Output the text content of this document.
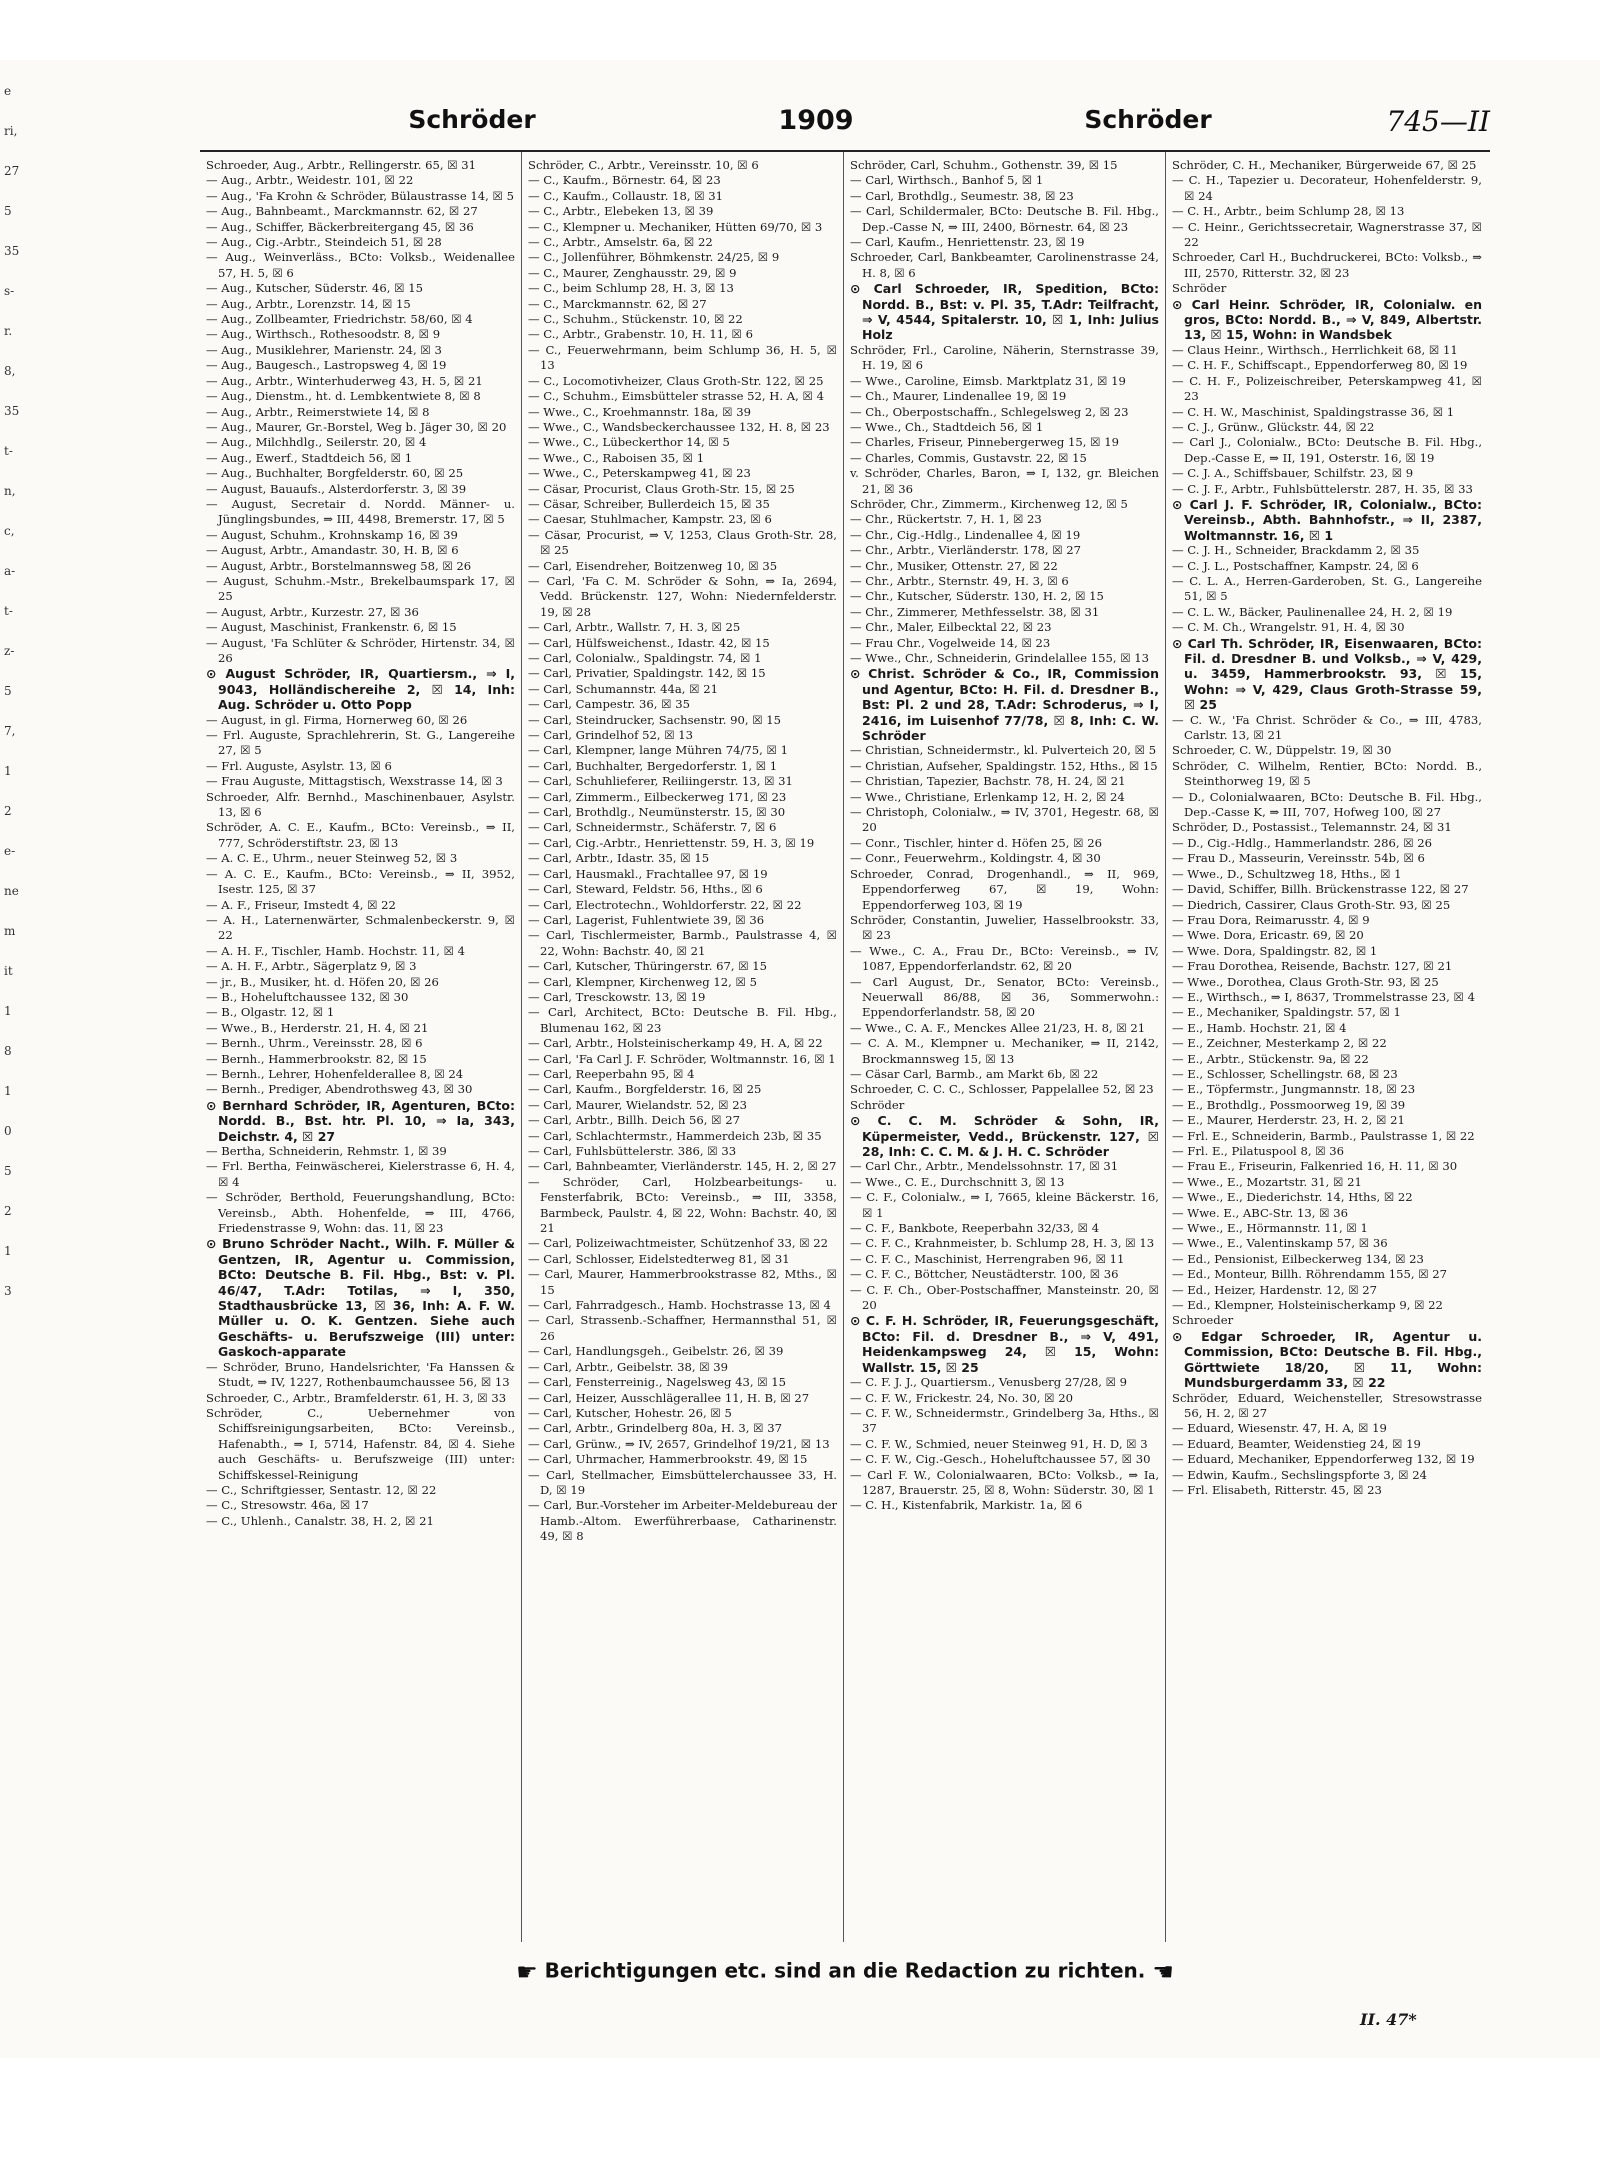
e
ri,
27
5
35
s-
r.
8,
35
t-
n,
c,
a-
t-
z-
5
7,
1
2
e-
ne
m
it
1
8
1
0
5
2
1
3
Schröder	1909	Schröder	745—II

Schroeder, Aug., Arbtr., Rellingerstr. 65, ☒ 31

— Aug., Arbtr., Weidestr. 101, ☒ 22

— Aug., 'Fa Krohn & Schröder, Bülaustrasse 14, ☒ 5

— Aug., Bahnbeamt., Marckmannstr. 62, ☒ 27

— Aug., Schiffer, Bäckerbreitergang 45, ☒ 36

— Aug., Cig.-Arbtr., Steindeich 51, ☒ 28

— Aug., Weinverläss., BCto: Volksb., Weidenallee 57, H. 5, ☒ 6

— Aug., Kutscher, Süderstr. 46, ☒ 15

— Aug., Arbtr., Lorenzstr. 14, ☒ 15

— Aug., Zollbeamter, Friedrichstr. 58/60, ☒ 4

— Aug., Wirthsch., Rothesoodstr. 8, ☒ 9

— Aug., Musiklehrer, Marienstr. 24, ☒ 3

— Aug., Baugesch., Lastropsweg 4, ☒ 19

— Aug., Arbtr., Winterhuderweg 43, H. 5, ☒ 21

— Aug., Dienstm., ht. d. Lembkentwiete 8, ☒ 8

— Aug., Arbtr., Reimerstwiete 14, ☒ 8

— Aug., Maurer, Gr.-Borstel, Weg b. Jäger 30, ☒ 20

— Aug., Milchhdlg., Seilerstr. 20, ☒ 4

— Aug., Ewerf., Stadtdeich 56, ☒ 1

— Aug., Buchhalter, Borgfelderstr. 60, ☒ 25

— August, Bauaufs., Alsterdorferstr. 3, ☒ 39

— August, Secretair d. Nordd. Männer- u. Jünglingsbundes, ⇒ III, 4498, Bremerstr. 17, ☒ 5

— August, Schuhm., Krohnskamp 16, ☒ 39

— August, Arbtr., Amandastr. 30, H. B, ☒ 6

— August, Arbtr., Borstelmannsweg 58, ☒ 26

— August, Schuhm.-Mstr., Brekelbaumspark 17, ☒ 25

— August, Arbtr., Kurzestr. 27, ☒ 36

— August, Maschinist, Frankenstr. 6, ☒ 15

— August, 'Fa Schlüter & Schröder, Hirtenstr. 34, ☒ 26

⊙ August Schröder, IR, Quartiersm., ⇒ I, 9043, Holländischereihe 2, ☒ 14, Inh: Aug. Schröder u. Otto Popp

— August, in gl. Firma, Hornerweg 60, ☒ 26

— Frl. Auguste, Sprachlehrerin, St. G., Langereihe 27, ☒ 5

— Frl. Auguste, Asylstr. 13, ☒ 6

— Frau Auguste, Mittagstisch, Wexstrasse 14, ☒ 3

Schroeder, Alfr. Bernhd., Maschinenbauer, Asylstr. 13, ☒ 6

Schröder, A. C. E., Kaufm., BCto: Vereinsb., ⇒ II, 777, Schröderstiftstr. 23, ☒ 13

— A. C. E., Uhrm., neuer Steinweg 52, ☒ 3

— A. C. E., Kaufm., BCto: Vereinsb., ⇒ II, 3952, Isestr. 125, ☒ 37

— A. F., Friseur, Imstedt 4, ☒ 22

— A. H., Laternenwärter, Schmalenbeckerstr. 9, ☒ 22

— A. H. F., Tischler, Hamb. Hochstr. 11, ☒ 4

— A. H. F., Arbtr., Sägerplatz 9, ☒ 3

— jr., B., Musiker, ht. d. Höfen 20, ☒ 26

— B., Hoheluftchaussee 132, ☒ 30

— B., Olgastr. 12, ☒ 1

— Wwe., B., Herderstr. 21, H. 4, ☒ 21

— Bernh., Uhrm., Vereinsstr. 28, ☒ 6

— Bernh., Hammerbrookstr. 82, ☒ 15

— Bernh., Lehrer, Hohenfelderallee 8, ☒ 24

— Bernh., Prediger, Abendrothsweg 43, ☒ 30

⊙ Bernhard Schröder, IR, Agenturen, BCto: Nordd. B., Bst. htr. Pl. 10, ⇒ Ia, 343, Deichstr. 4, ☒ 27

— Bertha, Schneiderin, Rehmstr. 1, ☒ 39

— Frl. Bertha, Feinwäscherei, Kielerstrasse 6, H. 4, ☒ 4

— Schröder, Berthold, Feuerungshandlung, BCto: Vereinsb., Abth. Hohenfelde, ⇒ III, 4766, Friedenstrasse 9, Wohn: das. 11, ☒ 23

⊙ Bruno Schröder Nacht., Wilh. F. Müller & Gentzen, IR, Agentur u. Commission, BCto: Deutsche B. Fil. Hbg., Bst: v. Pl. 46/47, T.Adr: Totilas, ⇒ I, 350, Stadthausbrücke 13, ☒ 36, Inh: A. F. W. Müller u. O. K. Gentzen. Siehe auch Geschäfts- u. Berufszweige (III) unter: Gaskoch-apparate

— Schröder, Bruno, Handelsrichter, 'Fa Hanssen & Studt, ⇒ IV, 1227, Rothenbaumchaussee 56, ☒ 13

Schroeder, C., Arbtr., Bramfelderstr. 61, H. 3, ☒ 33

Schröder, C., Uebernehmer von Schiffsreinigungsarbeiten, BCto: Vereinsb., Hafenabth., ⇒ I, 5714, Hafenstr. 84, ☒ 4. Siehe auch Geschäfts- u. Berufszweige (III) unter: Schiffskessel-Reinigung

— C., Schriftgiesser, Sentastr. 12, ☒ 22

— C., Stresowstr. 46a, ☒ 17

— C., Uhlenh., Canalstr. 38, H. 2, ☒ 21

Schröder, C., Arbtr., Vereinsstr. 10, ☒ 6

— C., Kaufm., Börnestr. 64, ☒ 23

— C., Kaufm., Collaustr. 18, ☒ 31

— C., Arbtr., Elebeken 13, ☒ 39

— C., Klempner u. Mechaniker, Hütten 69/70, ☒ 3

— C., Arbtr., Amselstr. 6a, ☒ 22

— C., Jollenführer, Böhmkenstr. 24/25, ☒ 9

— C., Maurer, Zenghausstr. 29, ☒ 9

— C., beim Schlump 28, H. 3, ☒ 13

— C., Marckmannstr. 62, ☒ 27

— C., Schuhm., Stückenstr. 10, ☒ 22

— C., Arbtr., Grabenstr. 10, H. 11, ☒ 6

— C., Feuerwehrmann, beim Schlump 36, H. 5, ☒ 13

— C., Locomotivheizer, Claus Groth-Str. 122, ☒ 25

— C., Schuhm., Eimsbütteler strasse 52, H. A, ☒ 4

— Wwe., C., Kroehmannstr. 18a, ☒ 39

— Wwe., C., Wandsbeckerchaussee 132, H. 8, ☒ 23

— Wwe., C., Lübeckerthor 14, ☒ 5

— Wwe., C., Raboisen 35, ☒ 1

— Wwe., C., Peterskampweg 41, ☒ 23

— Cäsar, Procurist, Claus Groth-Str. 15, ☒ 25

— Cäsar, Schreiber, Bullerdeich 15, ☒ 35

— Caesar, Stuhlmacher, Kampstr. 23, ☒ 6

— Cäsar, Procurist, ⇒ V, 1253, Claus Groth-Str. 28, ☒ 25

— Carl, Eisendreher, Boitzenweg 10, ☒ 35

— Carl, 'Fa C. M. Schröder & Sohn, ⇒ Ia, 2694, Vedd. Brückenstr. 127, Wohn: Niedernfelderstr. 19, ☒ 28

— Carl, Arbtr., Wallstr. 7, H. 3, ☒ 25

— Carl, Hülfsweichenst., Idastr. 42, ☒ 15

— Carl, Colonialw., Spaldingstr. 74, ☒ 1

— Carl, Privatier, Spaldingstr. 142, ☒ 15

— Carl, Schumannstr. 44a, ☒ 21

— Carl, Campestr. 36, ☒ 35

— Carl, Steindrucker, Sachsenstr. 90, ☒ 15

— Carl, Grindelhof 52, ☒ 13

— Carl, Klempner, lange Mühren 74/75, ☒ 1

— Carl, Buchhalter, Bergedorferstr. 1, ☒ 1

— Carl, Schuhlieferer, Reiliingerstr. 13, ☒ 31

— Carl, Zimmerm., Eilbeckerweg 171, ☒ 23

— Carl, Brothdlg., Neumünsterstr. 15, ☒ 30

— Carl, Schneidermstr., Schäferstr. 7, ☒ 6

— Carl, Cig.-Arbtr., Henriettenstr. 59, H. 3, ☒ 19

— Carl, Arbtr., Idastr. 35, ☒ 15

— Carl, Hausmakl., Frachtallee 97, ☒ 19

— Carl, Steward, Feldstr. 56, Hths., ☒ 6

— Carl, Electrotechn., Wohldorferstr. 22, ☒ 22

— Carl, Lagerist, Fuhlentwiete 39, ☒ 36

— Carl, Tischlermeister, Barmb., Paulstrasse 4, ☒ 22, Wohn: Bachstr. 40, ☒ 21

— Carl, Kutscher, Thüringerstr. 67, ☒ 15

— Carl, Klempner, Kirchenweg 12, ☒ 5

— Carl, Tresckowstr. 13, ☒ 19

— Carl, Architect, BCto: Deutsche B. Fil. Hbg., Blumenau 162, ☒ 23

— Carl, Arbtr., Holsteinischerkamp 49, H. A, ☒ 22

— Carl, 'Fa Carl J. F. Schröder, Woltmannstr. 16, ☒ 1

— Carl, Reeperbahn 95, ☒ 4

— Carl, Kaufm., Borgfelderstr. 16, ☒ 25

— Carl, Maurer, Wielandstr. 52, ☒ 23

— Carl, Arbtr., Billh. Deich 56, ☒ 27

— Carl, Schlachtermstr., Hammerdeich 23b, ☒ 35

— Carl, Fuhlsbüttelerstr. 386, ☒ 33

— Carl, Bahnbeamter, Vierländerstr. 145, H. 2, ☒ 27

— Schröder, Carl, Holzbearbeitungs- u. Fensterfabrik, BCto: Vereinsb., ⇒ III, 3358, Barmbeck, Paulstr. 4, ☒ 22, Wohn: Bachstr. 40, ☒ 21

— Carl, Polizeiwachtmeister, Schützenhof 33, ☒ 22

— Carl, Schlosser, Eidelstedterweg 81, ☒ 31

— Carl, Maurer, Hammerbrookstrasse 82, Mths., ☒ 15

— Carl, Fahrradgesch., Hamb. Hochstrasse 13, ☒ 4

— Carl, Strassenb.-Schaffner, Hermannsthal 51, ☒ 26

— Carl, Handlungsgeh., Geibelstr. 26, ☒ 39

— Carl, Arbtr., Geibelstr. 38, ☒ 39

— Carl, Fensterreinig., Nagelsweg 43, ☒ 15

— Carl, Heizer, Ausschlägerallee 11, H. B, ☒ 27

— Carl, Kutscher, Hohestr. 26, ☒ 5

— Carl, Arbtr., Grindelberg 80a, H. 3, ☒ 37

— Carl, Grünw., ⇒ IV, 2657, Grindelhof 19/21, ☒ 13

— Carl, Uhrmacher, Hammerbrookstr. 49, ☒ 15

— Carl, Stellmacher, Eimsbüttelerchaussee 33, H. D, ☒ 19

— Carl, Bur.-Vorsteher im Arbeiter-Meldebureau der Hamb.-Altom. Ewerführerbaase, Catharinenstr. 49, ☒ 8

Schröder, Carl, Schuhm., Gothenstr. 39, ☒ 15

— Carl, Wirthsch., Banhof 5, ☒ 1

— Carl, Brothdlg., Seumestr. 38, ☒ 23

— Carl, Schildermaler, BCto: Deutsche B. Fil. Hbg., Dep.-Casse N, ⇒ III, 2400, Börnestr. 64, ☒ 23

— Carl, Kaufm., Henriettenstr. 23, ☒ 19

Schroeder, Carl, Bankbeamter, Carolinenstrasse 24, H. 8, ☒ 6

⊙ Carl Schroeder, IR, Spedition, BCto: Nordd. B., Bst: v. Pl. 35, T.Adr: Teilfracht, ⇒ V, 4544, Spitalerstr. 10, ☒ 1, Inh: Julius Holz

Schröder, Frl., Caroline, Näherin, Sternstrasse 39, H. 19, ☒ 6

— Wwe., Caroline, Eimsb. Marktplatz 31, ☒ 19

— Ch., Maurer, Lindenallee 19, ☒ 19

— Ch., Oberpostschaffn., Schlegelsweg 2, ☒ 23

— Wwe., Ch., Stadtdeich 56, ☒ 1

— Charles, Friseur, Pinnebergerweg 15, ☒ 19

— Charles, Commis, Gustavstr. 22, ☒ 15

v. Schröder, Charles, Baron, ⇒ I, 132, gr. Bleichen 21, ☒ 36

Schröder, Chr., Zimmerm., Kirchenweg 12, ☒ 5

— Chr., Rückertstr. 7, H. 1, ☒ 23

— Chr., Cig.-Hdlg., Lindenallee 4, ☒ 19

— Chr., Arbtr., Vierländerstr. 178, ☒ 27

— Chr., Musiker, Ottenstr. 27, ☒ 22

— Chr., Arbtr., Sternstr. 49, H. 3, ☒ 6

— Chr., Kutscher, Süderstr. 130, H. 2, ☒ 15

— Chr., Zimmerer, Methfesselstr. 38, ☒ 31

— Chr., Maler, Eilbecktal 22, ☒ 23

— Frau Chr., Vogelweide 14, ☒ 23

— Wwe., Chr., Schneiderin, Grindelallee 155, ☒ 13

⊙ Christ. Schröder & Co., IR, Commission und Agentur, BCto: H. Fil. d. Dresdner B., Bst: Pl. 2 und 28, T.Adr: Schroderus, ⇒ I, 2416, im Luisenhof 77/78, ☒ 8, Inh: C. W. Schröder

— Christian, Schneidermstr., kl. Pulverteich 20, ☒ 5

— Christian, Aufseher, Spaldingstr. 152, Hths., ☒ 15

— Christian, Tapezier, Bachstr. 78, H. 24, ☒ 21

— Wwe., Christiane, Erlenkamp 12, H. 2, ☒ 24

— Christoph, Colonialw., ⇒ IV, 3701, Hegestr. 68, ☒ 20

— Conr., Tischler, hinter d. Höfen 25, ☒ 26

— Conr., Feuerwehrm., Koldingstr. 4, ☒ 30

Schroeder, Conrad, Drogenhandl., ⇒ II, 969, Eppendorferweg 67, ☒ 19, Wohn: Eppendorferweg 103, ☒ 19

Schröder, Constantin, Juwelier, Hasselbrookstr. 33, ☒ 23

— Wwe., C. A., Frau Dr., BCto: Vereinsb., ⇒ IV, 1087, Eppendorferlandstr. 62, ☒ 20

— Carl August, Dr., Senator, BCto: Vereinsb., Neuerwall 86/88, ☒ 36, Sommerwohn.: Eppendorferlandstr. 58, ☒ 20

— Wwe., C. A. F., Menckes Allee 21/23, H. 8, ☒ 21

— C. A. M., Klempner u. Mechaniker, ⇒ II, 2142, Brockmannsweg 15, ☒ 13

— Cäsar Carl, Barmb., am Markt 6b, ☒ 22

Schroeder, C. C. C., Schlosser, Pappelallee 52, ☒ 23

Schröder

⊙ C. C. M. Schröder & Sohn, IR, Küpermeister, Vedd., Brückenstr. 127, ☒ 28, Inh: C. C. M. & J. H. C. Schröder

— Carl Chr., Arbtr., Mendelssohnstr. 17, ☒ 31

— Wwe., C. E., Durchschnitt 3, ☒ 13

— C. F., Colonialw., ⇒ I, 7665, kleine Bäckerstr. 16, ☒ 1

— C. F., Bankbote, Reeperbahn 32/33, ☒ 4

— C. F. C., Krahnmeister, b. Schlump 28, H. 3, ☒ 13

— C. F. C., Maschinist, Herrengraben 96, ☒ 11

— C. F. C., Böttcher, Neustädterstr. 100, ☒ 36

— C. F. Ch., Ober-Postschaffner, Mansteinstr. 20, ☒ 20

⊙ C. F. H. Schröder, IR, Feuerungsgeschäft, BCto: Fil. d. Dresdner B., ⇒ V, 491, Heidenkampsweg 24, ☒ 15, Wohn: Wallstr. 15, ☒ 25

— C. F. J. J., Quartiersm., Venusberg 27/28, ☒ 9

— C. F. W., Frickestr. 24, No. 30, ☒ 20

— C. F. W., Schneidermstr., Grindelberg 3a, Hths., ☒ 37

— C. F. W., Schmied, neuer Steinweg 91, H. D, ☒ 3

— C. F. W., Cig.-Gesch., Hoheluftchaussee 57, ☒ 30

— Carl F. W., Colonialwaaren, BCto: Volksb., ⇒ Ia, 1287, Brauerstr. 25, ☒ 8, Wohn: Süderstr. 30, ☒ 1

— C. H., Kistenfabrik, Markistr. 1a, ☒ 6

Schröder, C. H., Mechaniker, Bürgerweide 67, ☒ 25

— C. H., Tapezier u. Decorateur, Hohenfelderstr. 9, ☒ 24

— C. H., Arbtr., beim Schlump 28, ☒ 13

— C. Heinr., Gerichtssecretair, Wagnerstrasse 37, ☒ 22

Schroeder, Carl H., Buchdruckerei, BCto: Volksb., ⇒ III, 2570, Ritterstr. 32, ☒ 23

Schröder

⊙ Carl Heinr. Schröder, IR, Colonialw. en gros, BCto: Nordd. B., ⇒ V, 849, Albertstr. 13, ☒ 15, Wohn: in Wandsbek

— Claus Heinr., Wirthsch., Herrlichkeit 68, ☒ 11

— C. H. F., Schiffscapt., Eppendorferweg 80, ☒ 19

— C. H. F., Polizeischreiber, Peterskampweg 41, ☒ 23

— C. H. W., Maschinist, Spaldingstrasse 36, ☒ 1

— C. J., Grünw., Glückstr. 44, ☒ 22

— Carl J., Colonialw., BCto: Deutsche B. Fil. Hbg., Dep.-Casse E, ⇒ II, 191, Osterstr. 16, ☒ 19

— C. J. A., Schiffsbauer, Schilfstr. 23, ☒ 9

— C. J. F., Arbtr., Fuhlsbüttelerstr. 287, H. 35, ☒ 33

⊙ Carl J. F. Schröder, IR, Colonialw., BCto: Vereinsb., Abth. Bahnhofstr., ⇒ II, 2387, Woltmannstr. 16, ☒ 1

— C. J. H., Schneider, Brackdamm 2, ☒ 35

— C. J. L., Postschaffner, Kampstr. 24, ☒ 6

— C. L. A., Herren-Garderoben, St. G., Langereihe 51, ☒ 5

— C. L. W., Bäcker, Paulinenallee 24, H. 2, ☒ 19

— C. M. Ch., Wrangelstr. 91, H. 4, ☒ 30

⊙ Carl Th. Schröder, IR, Eisenwaaren, BCto: Fil. d. Dresdner B. und Volksb., ⇒ V, 429, u. 3459, Hammerbrookstr. 93, ☒ 15, Wohn: ⇒ V, 429, Claus Groth-Strasse 59, ☒ 25

— C. W., 'Fa Christ. Schröder & Co., ⇒ III, 4783, Carlstr. 13, ☒ 21

Schroeder, C. W., Düppelstr. 19, ☒ 30

Schröder, C. Wilhelm, Rentier, BCto: Nordd. B., Steinthorweg 19, ☒ 5

— D., Colonialwaaren, BCto: Deutsche B. Fil. Hbg., Dep.-Casse K, ⇒ III, 707, Hofweg 100, ☒ 27

Schröder, D., Postassist., Telemannstr. 24, ☒ 31

— D., Cig.-Hdlg., Hammerlandstr. 286, ☒ 26

— Frau D., Masseurin, Vereinsstr. 54b, ☒ 6

— Wwe., D., Schultzweg 18, Hths., ☒ 1

— David, Schiffer, Billh. Brückenstrasse 122, ☒ 27

— Diedrich, Cassirer, Claus Groth-Str. 93, ☒ 25

— Frau Dora, Reimarusstr. 4, ☒ 9

— Wwe. Dora, Ericastr. 69, ☒ 20

— Wwe. Dora, Spaldingstr. 82, ☒ 1

— Frau Dorothea, Reisende, Bachstr. 127, ☒ 21

— Wwe., Dorothea, Claus Groth-Str. 93, ☒ 25

— E., Wirthsch., ⇒ I, 8637, Trommelstrasse 23, ☒ 4

— E., Mechaniker, Spaldingstr. 57, ☒ 1

— E., Hamb. Hochstr. 21, ☒ 4

— E., Zeichner, Mesterkamp 2, ☒ 22

— E., Arbtr., Stückenstr. 9a, ☒ 22

— E., Schlosser, Schellingstr. 68, ☒ 23

— E., Töpfermstr., Jungmannstr. 18, ☒ 23

— E., Brothdlg., Possmoorweg 19, ☒ 39

— E., Maurer, Herderstr. 23, H. 2, ☒ 21

— Frl. E., Schneiderin, Barmb., Paulstrasse 1, ☒ 22

— Frl. E., Pilatuspool 8, ☒ 36

— Frau E., Friseurin, Falkenried 16, H. 11, ☒ 30

— Wwe., E., Mozartstr. 31, ☒ 21

— Wwe., E., Diederichstr. 14, Hths, ☒ 22

— Wwe. E., ABC-Str. 13, ☒ 36

— Wwe., E., Hörmannstr. 11, ☒ 1

— Wwe., E., Valentinskamp 57, ☒ 36

— Ed., Pensionist, Eilbeckerweg 134, ☒ 23

— Ed., Monteur, Billh. Röhrendamm 155, ☒ 27

— Ed., Heizer, Hardenstr. 12, ☒ 27

— Ed., Klempner, Holsteinischerkamp 9, ☒ 22

Schroeder

⊙ Edgar Schroeder, IR, Agentur u. Commission, BCto: Deutsche B. Fil. Hbg., Görttwiete 18/20, ☒ 11, Wohn: Mundsburgerdamm 33, ☒ 22

Schröder, Eduard, Weichensteller, Stresowstrasse 56, H. 2, ☒ 27

— Eduard, Wiesenstr. 47, H. A, ☒ 19

— Eduard, Beamter, Weidenstieg 24, ☒ 19

— Eduard, Mechaniker, Eppendorferweg 132, ☒ 19

— Edwin, Kaufm., Sechslingspforte 3, ☒ 24

— Frl. Elisabeth, Ritterstr. 45, ☒ 23

☛ Berichtigungen etc. sind an die Redaction zu richten. ☚
II. 47*
